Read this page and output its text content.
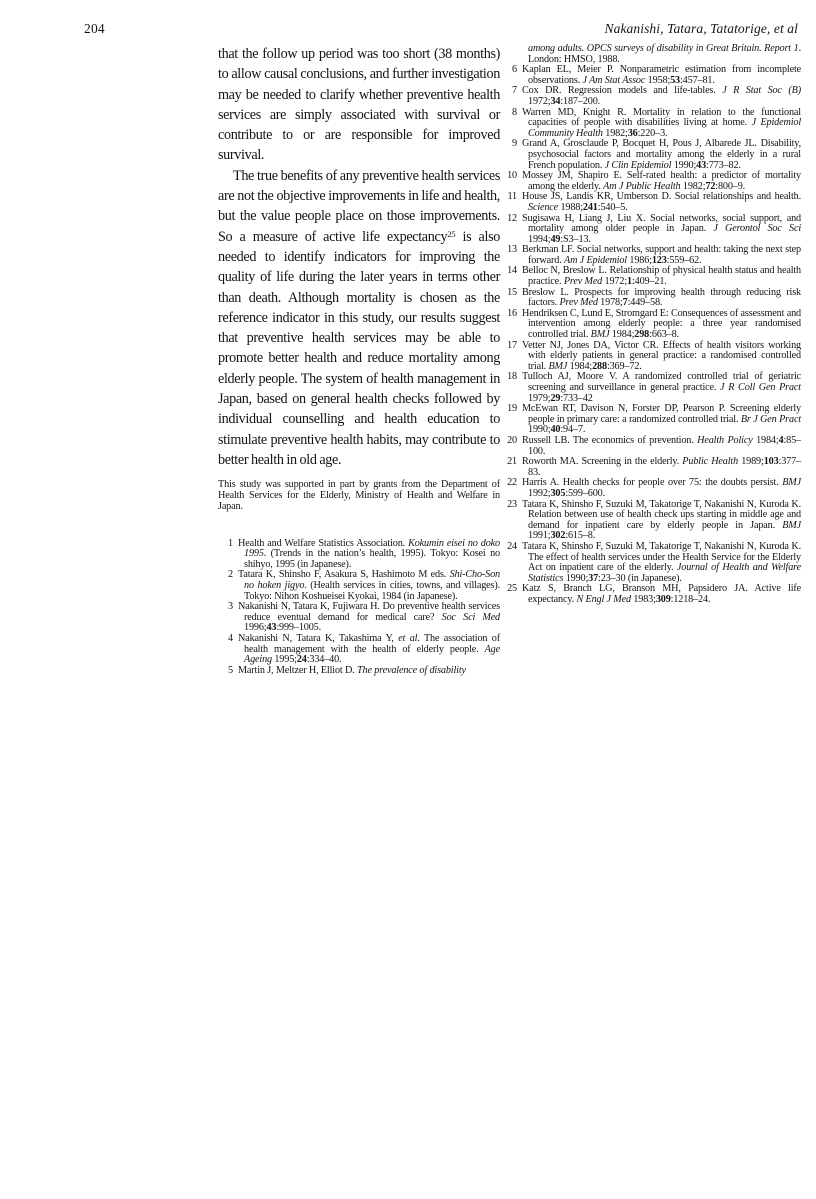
204	Nakanishi, Tatara, Tatatorige, et al

that the follow up period was too short (38 months) to allow causal conclusions, and further investigation may be needed to clarify whether preventive health services are simply associated with survival or contribute to or are responsible for improved survival.

The true benefits of any preventive health services are not the objective improvements in life and health, but the value people place on those improvements. So a measure of active life expectancy$^{25}$ is also needed to identify indicators for improving the quality of life during the later years in terms other than death. Although mortality is chosen as the reference indicator in this study, our results suggest that preventive health services may be able to promote better health and reduce mortality among elderly people. The system of health management in Japan, based on general health checks followed by individual counselling and health education to stimulate preventive health habits, may contribute to better health in old age.

This study was supported in part by grants from the Department of Health Services for the Elderly, Ministry of Health and Welfare in Japan.

1 Health and Welfare Statistics Association. Kokumin eisei no doko 1995. (Trends in the nation’s health, 1995). Tokyo: Kosei no shihyo, 1995 (in Japanese).
2 Tatara K, Shinsho F, Asakura S, Hashimoto M eds. Shi-Cho-Son no hoken jigyo. (Health services in cities, towns, and villages). Tokyo: Nihon Koshueisei Kyokai, 1984 (in Japanese).
3 Nakanishi N, Tatara K, Fujiwara H. Do preventive health services reduce eventual demand for medical care? Soc Sci Med 1996;43:999–1005.
4 Nakanishi N, Tatara K, Takashima Y, et al. The association of health management with the health of elderly people. Age Ageing 1995;24:334–40.
5 Martin J, Meltzer H, Elliot D. The prevalence of disability
among adults. OPCS surveys of disability in Great Britain. Report 1. London: HMSO, 1988.
6 Kaplan EL, Meier P. Nonparametric estimation from incomplete observations. J Am Stat Assoc 1958;53:457–81.
7 Cox DR. Regression models and life-tables. J R Stat Soc (B) 1972;34:187–200.
8 Warren MD, Knight R. Mortality in relation to the functional capacities of people with disabilities living at home. J Epidemiol Community Health 1982;36:220–3.
9 Grand A, Grosclaude P, Bocquet H, Pous J, Albarede JL. Disability, psychosocial factors and mortality among the elderly in a rural French population. J Clin Epidemiol 1990;43:773–82.
10 Mossey JM, Shapiro E. Self-rated health: a predictor of mortality among the elderly. Am J Public Health 1982;72:800–9.
11 House JS, Landis KR, Umberson D. Social relationships and health. Science 1988;241:540–5.
12 Sugisawa H, Liang J, Liu X. Social networks, social support, and mortality among older people in Japan. J Gerontol Soc Sci 1994;49:S3–13.
13 Berkman LF. Social networks, support and health: taking the next step forward. Am J Epidemiol 1986;123:559–62.
14 Belloc N, Breslow L. Relationship of physical health status and health practice. Prev Med 1972;1:409–21.
15 Breslow L. Prospects for improving health through reducing risk factors. Prev Med 1978;7:449–58.
16 Hendriksen C, Lund E, Stromgard E: Consequences of assessment and intervention among elderly people: a three year randomised controlled trial. BMJ 1984;298:663–8.
17 Vetter NJ, Jones DA, Victor CR. Effects of health visitors working with elderly patients in general practice: a randomised controlled trial. BMJ 1984;288:369–72.
18 Tulloch AJ, Moore V. A randomized controlled trial of geriatric screening and surveillance in general practice. J R Coll Gen Pract 1979;29:733–42
19 McEwan RT, Davison N, Forster DP, Pearson P. Screening elderly people in primary care: a randomized controlled trial. Br J Gen Pract 1990;40:94–7.
20 Russell LB. The economics of prevention. Health Policy 1984;4:85–100.
21 Roworth MA. Screening in the elderly. Public Health 1989;103:377–83.
22 Harris A. Health checks for people over 75: the doubts persist. BMJ 1992;305:599–600.
23 Tatara K, Shinsho F, Suzuki M, Takatorige T, Nakanishi N, Kuroda K. Relation between use of health check ups starting in middle age and demand for inpatient care by elderly people in Japan. BMJ 1991;302:615–8.
24 Tatara K, Shinsho F, Suzuki M, Takatorige T, Nakanishi N, Kuroda K. The effect of health services under the Health Service for the Elderly Act on inpatient care of the elderly. Journal of Health and Welfare Statistics 1990;37:23–30 (in Japanese).
25 Katz S, Branch LG, Branson MH, Papsidero JA. Active life expectancy. N Engl J Med 1983;309:1218–24.
